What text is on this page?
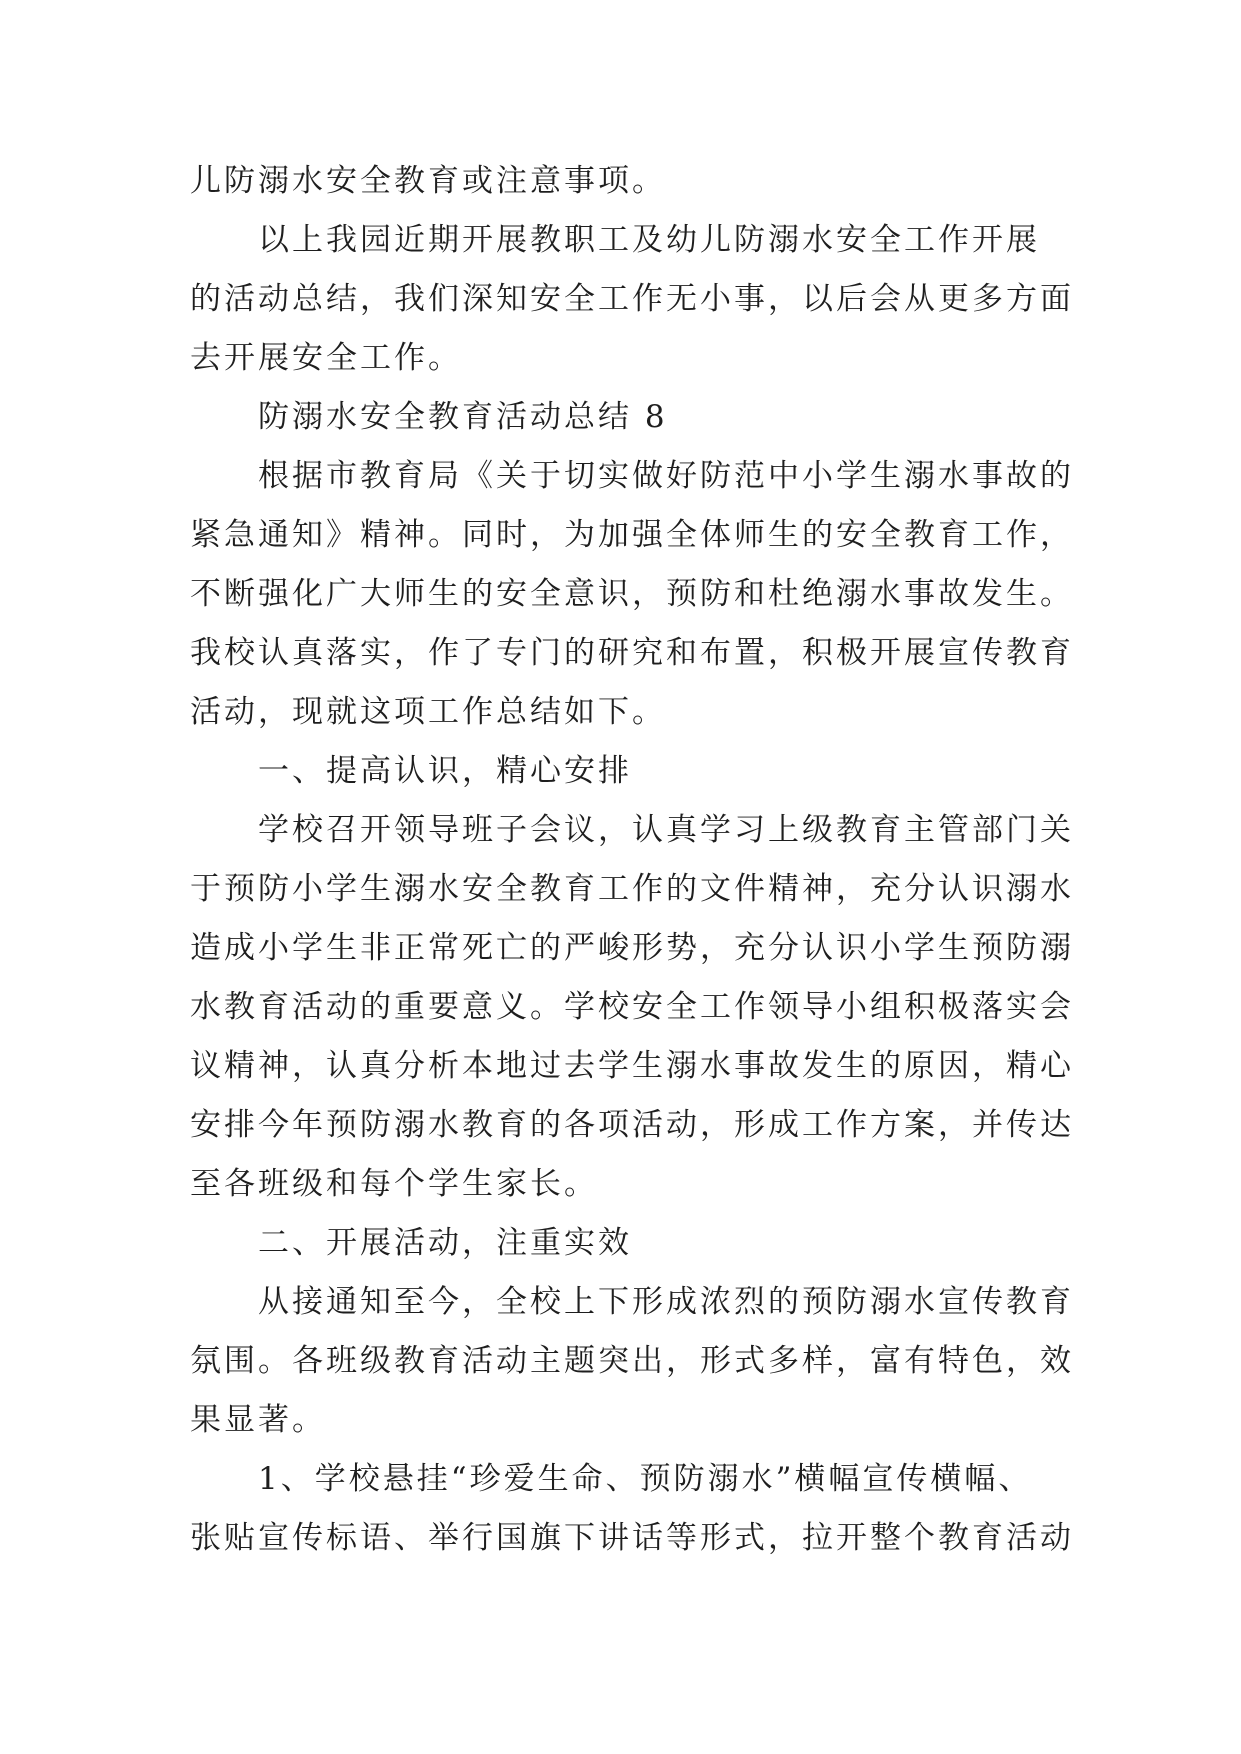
儿防溺水安全教育或注意事项。
以上我园近期开展教职工及幼儿防溺水安全工作开展
的活动总结，我们深知安全工作无小事，以后会从更多方面
去开展安全工作。
防溺水安全教育活动总结 8
根据市教育局《关于切实做好防范中小学生溺水事故的
紧急通知》精神。同时，为加强全体师生的安全教育工作，
不断强化广大师生的安全意识，预防和杜绝溺水事故发生。
我校认真落实，作了专门的研究和布置，积极开展宣传教育
活动，现就这项工作总结如下。
一、提高认识，精心安排
学校召开领导班子会议，认真学习上级教育主管部门关
于预防小学生溺水安全教育工作的文件精神，充分认识溺水
造成小学生非正常死亡的严峻形势，充分认识小学生预防溺
水教育活动的重要意义。学校安全工作领导小组积极落实会
议精神，认真分析本地过去学生溺水事故发生的原因，精心
安排今年预防溺水教育的各项活动，形成工作方案，并传达
至各班级和每个学生家长。
二、开展活动，注重实效
从接通知至今，全校上下形成浓烈的预防溺水宣传教育
氛围。各班级教育活动主题突出，形式多样，富有特色，效
果显著。
1、学校悬挂“珍爱生命、预防溺水”横幅宣传横幅、
张贴宣传标语、举行国旗下讲话等形式，拉开整个教育活动
